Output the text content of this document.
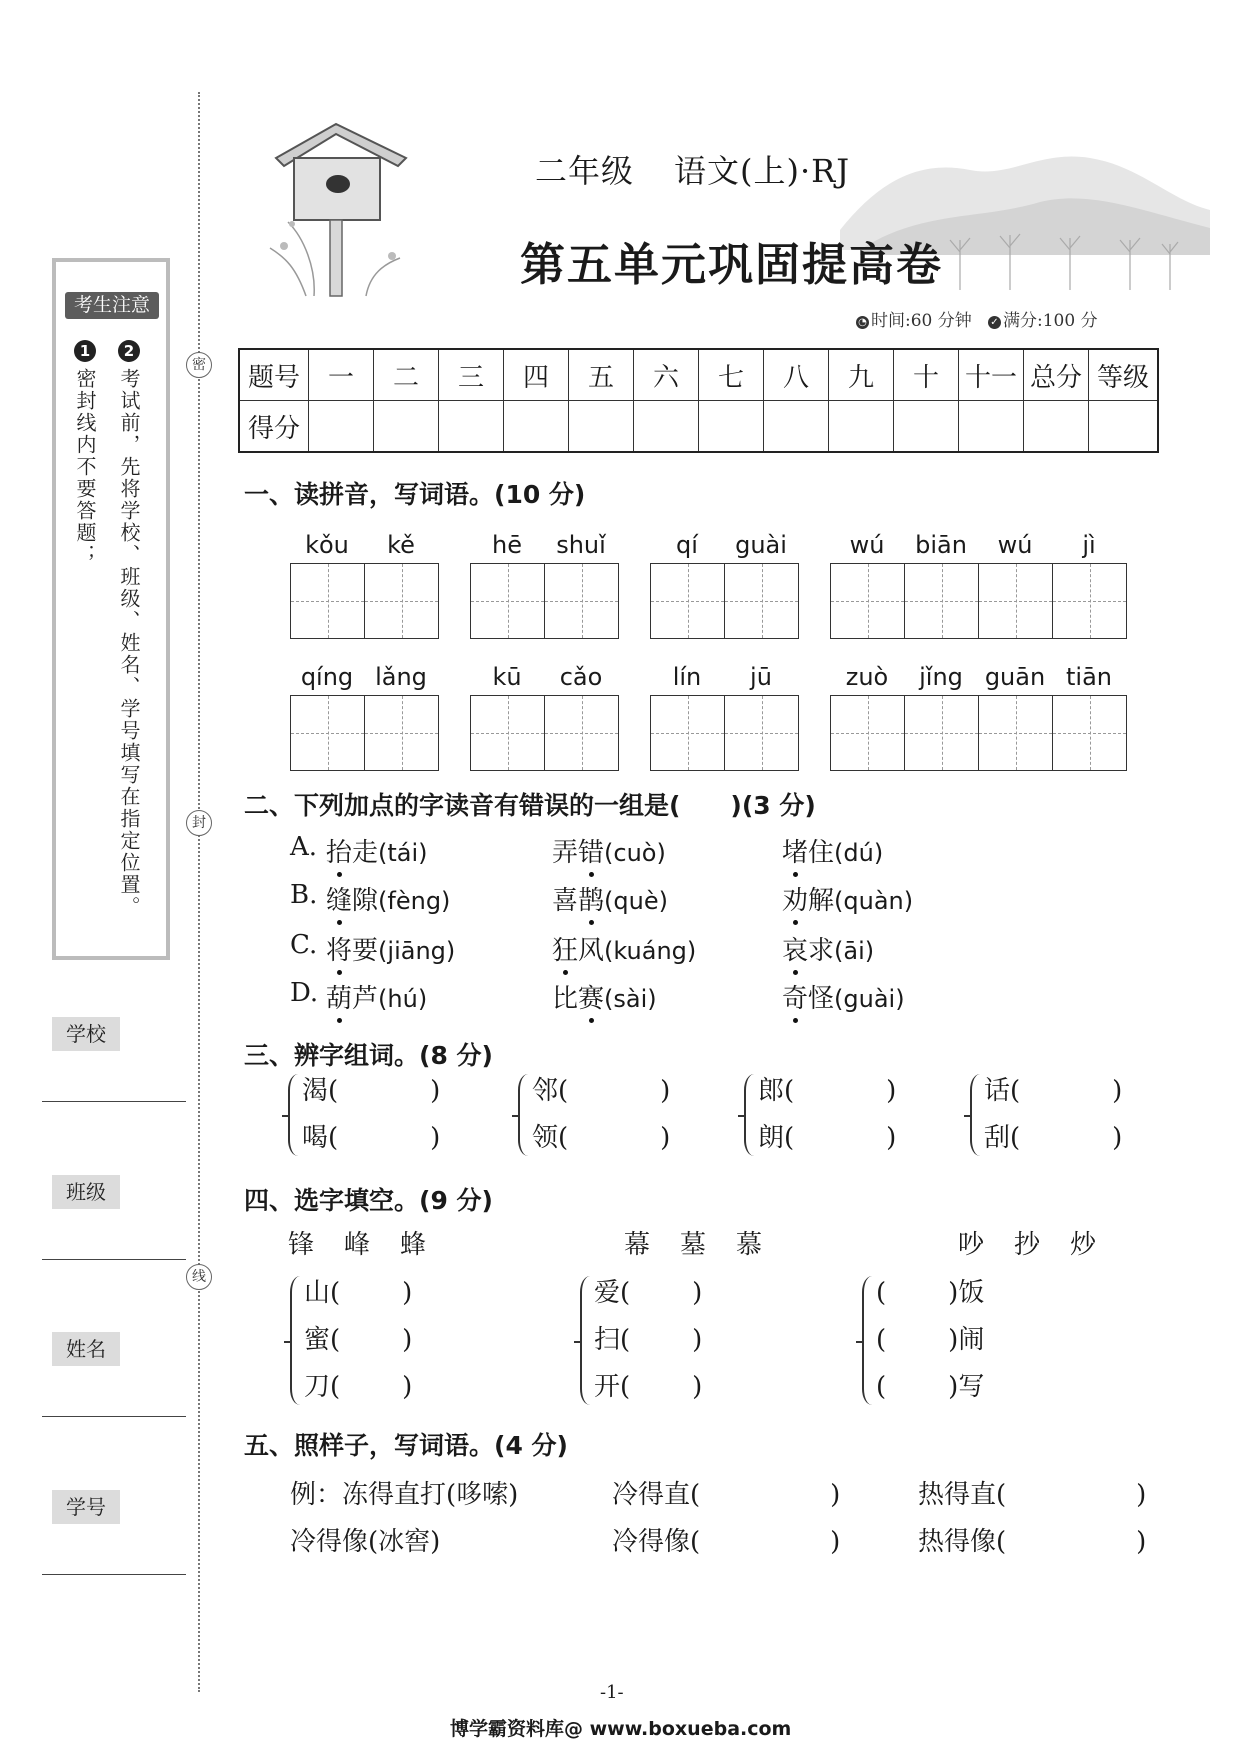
密
封
线
考生注意
1
密封线内不要答题；
2
考试前，先将学校、班级、姓名、学号填写在指定位置。
学校
班级
姓名
学号
二年级 语文(上)·RJ
第五单元巩固提高卷
◔ 时间:60 分钟 ✓ 满分:100 分
题号	一	二	三	四	五	六	七	八	九	十	十一	总分	等级
得分													
一、读拼音，写词语。(10 分)
kǒu	kě	hē	shuǐ	qí	guài	wú	biān	wú	jì
qíng lǎng	kū	cǎo	lín	jū	zuò	jǐng guān tiān
二、下列加点的字读音有错误的一组是(　　)(3 分)
A. 抬走(tái)	弄错(cuò)	堵住(dú)
B. 缝隙(fèng)	喜鹊(què)	劝解(quàn)
C. 将要(jiāng)	狂风(kuáng)	哀求(āi)
D. 葫芦(hú)	比赛(sài)	奇怪(guài)
三、辨字组词。(8 分)
渴(	)
喝(	)
邻(	)
领(	)
郎(	)
朗(	)
话(	)
刮(	)
四、选字填空。(9 分)
锋 峰 蜂
山( )
蜜( )
刀( )
幕 墓 慕
爱( )
扫( )
开( )
吵 抄 炒
( )饭
( )闹
( )写
五、照样子，写词语。(4 分)
例：冻得直打(哆嗦)
冷得像(冰窖)
冷得直(	)	热得直(	)
冷得像(	)	热得像(	)
-1-
博学霸资料库@ www.boxueba.com
